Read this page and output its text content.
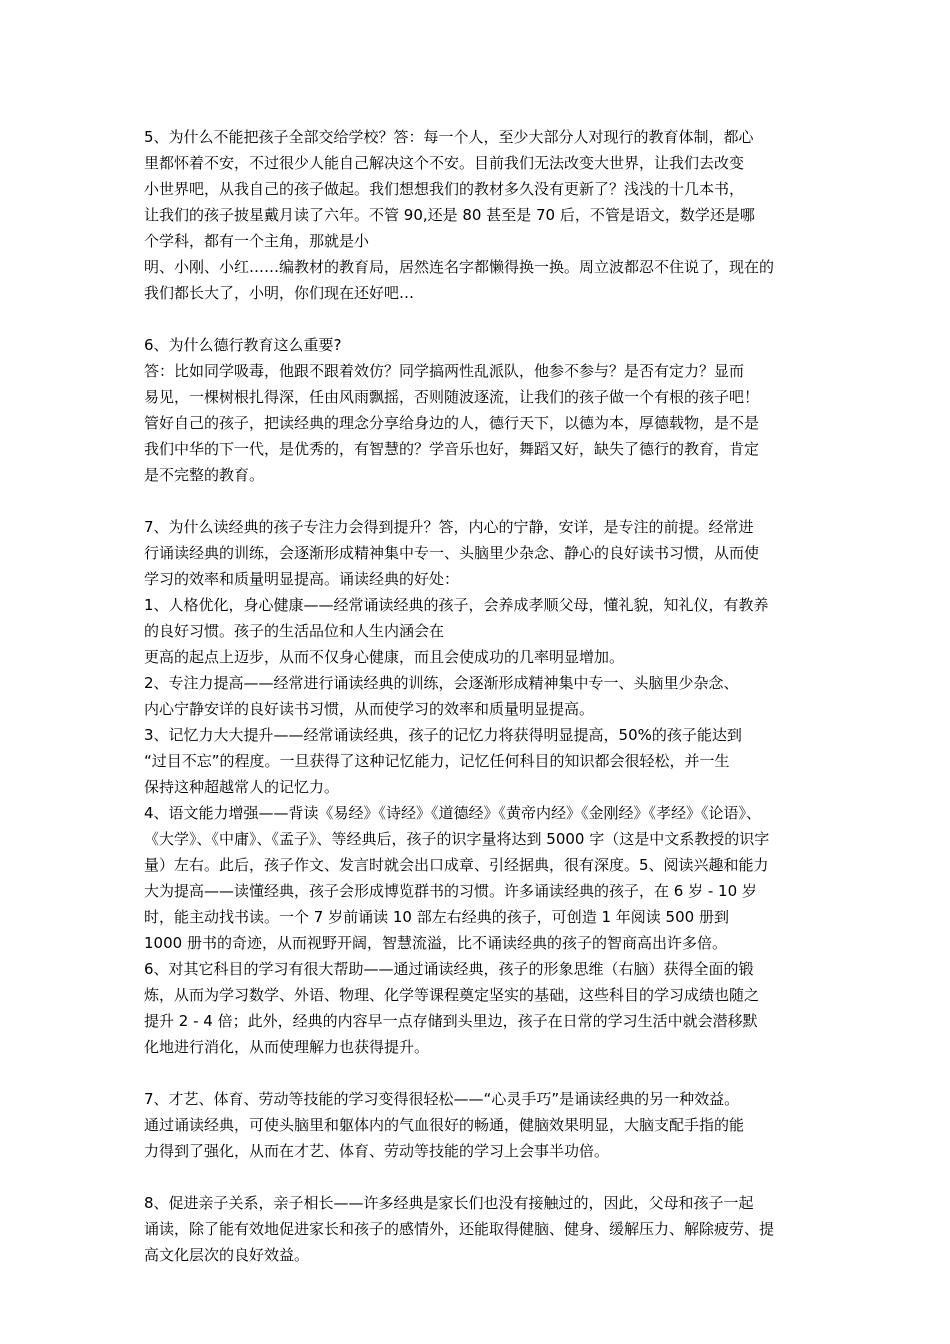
5、为什么不能把孩子全部交给学校？答：每一个人，至少大部分人对现行的教育体制，都心
里都怀着不安，不过很少人能自己解决这个不安。目前我们无法改变大世界，让我们去改变
小世界吧，从我自己的孩子做起。我们想想我们的教材多久没有更新了？浅浅的十几本书，
让我们的孩子披星戴月读了六年。不管 90,还是 80 甚至是 70 后，不管是语文，数学还是哪
个学科，都有一个主角，那就是小
明、小刚、小红……编教材的教育局，居然连名字都懒得换一换。周立波都忍不住说了，现在的
我们都长大了，小明，你们现在还好吧…
6、为什么德行教育这么重要?
答：比如同学吸毒，他跟不跟着效仿？同学搞两性乱派队，他参不参与？是否有定力？显而
易见，一棵树根扎得深，任由风雨飘摇，否则随波逐流，让我们的孩子做一个有根的孩子吧！
管好自己的孩子，把读经典的理念分享给身边的人，德行天下，以德为本，厚德载物，是不是
我们中华的下一代，是优秀的，有智慧的？学音乐也好，舞蹈又好，缺失了德行的教育，肯定
是不完整的教育。
7、为什么读经典的孩子专注力会得到提升？答，内心的宁静，安详，是专注的前提。经常进
行诵读经典的训练，会逐渐形成精神集中专一、头脑里少杂念、静心的良好读书习惯，从而使
学习的效率和质量明显提高。诵读经典的好处：
1、人格优化，身心健康——经常诵读经典的孩子，会养成孝顺父母，懂礼貌，知礼仪，有教养
的良好习惯。孩子的生活品位和人生内涵会在
更高的起点上迈步，从而不仅身心健康，而且会使成功的几率明显增加。
2、专注力提高——经常进行诵读经典的训练，会逐渐形成精神集中专一、头脑里少杂念、
内心宁静安详的良好读书习惯，从而使学习的效率和质量明显提高。
3、记忆力大大提升——经常诵读经典，孩子的记忆力将获得明显提高，50%的孩子能达到
“过目不忘”的程度。一旦获得了这种记忆能力，记忆任何科目的知识都会很轻松，并一生
保持这种超越常人的记忆力。
4、语文能力增强——背读《易经》《诗经》《道德经》《黄帝内经》《金刚经》《孝经》《论语》、
《大学》、《中庸》、《孟子》、等经典后，孩子的识字量将达到 5000 字（这是中文系教授的识字
量）左右。此后，孩子作文、发言时就会出口成章、引经据典，很有深度。5、阅读兴趣和能力
大为提高——读懂经典，孩子会形成博览群书的习惯。许多诵读经典的孩子，在 6 岁 - 10 岁
时，能主动找书读。一个 7 岁前诵读 10 部左右经典的孩子，可创造 1 年阅读 500 册到
1000 册书的奇迹，从而视野开阔，智慧流溢，比不诵读经典的孩子的智商高出许多倍。
6、对其它科目的学习有很大帮助——通过诵读经典，孩子的形象思维（右脑）获得全面的锻
炼，从而为学习数学、外语、物理、化学等课程奠定坚实的基础，这些科目的学习成绩也随之
提升 2 - 4 倍；此外，经典的内容早一点存储到头里边，孩子在日常的学习生活中就会潜移默
化地进行消化，从而使理解力也获得提升。
7、才艺、体育、劳动等技能的学习变得很轻松——“心灵手巧”是诵读经典的另一种效益。
通过诵读经典，可使头脑里和躯体内的气血很好的畅通，健脑效果明显，大脑支配手指的能
力得到了强化，从而在才艺、体育、劳动等技能的学习上会事半功倍。
8、促进亲子关系，亲子相长——许多经典是家长们也没有接触过的，因此，父母和孩子一起
诵读，除了能有效地促进家长和孩子的感情外，还能取得健脑、健身、缓解压力、解除疲劳、提
高文化层次的良好效益。
